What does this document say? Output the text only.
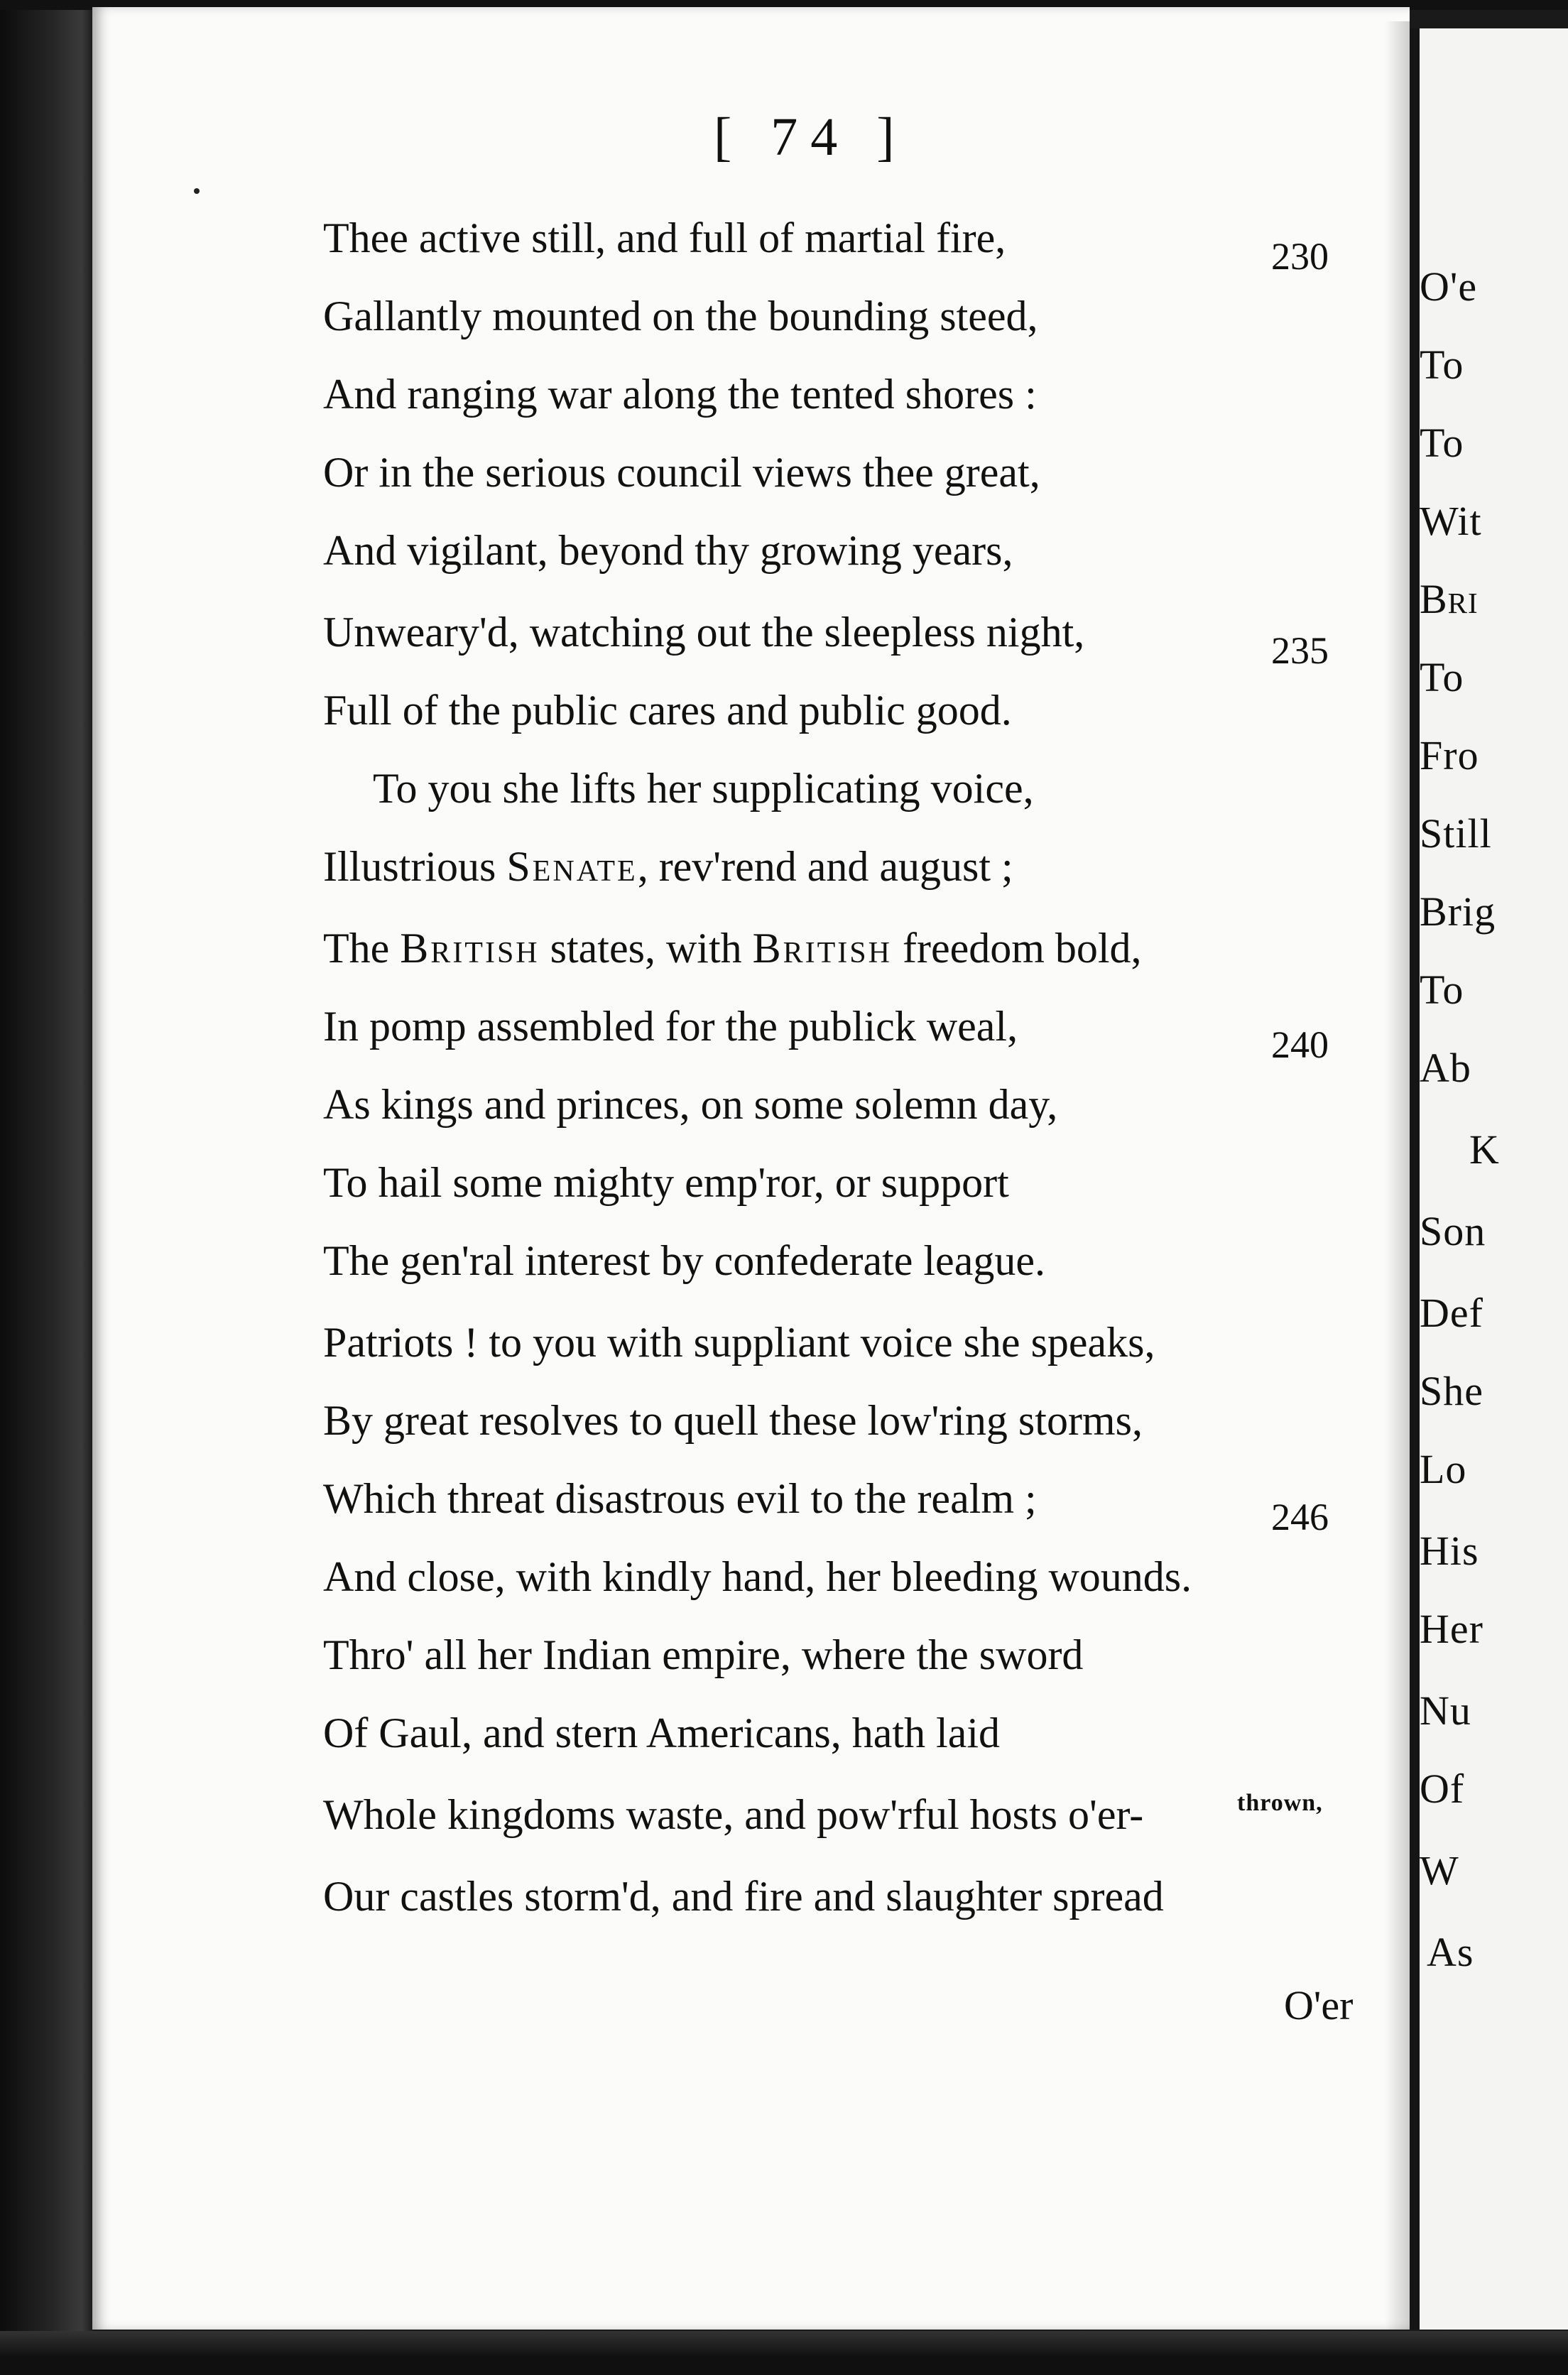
O'e
To
To
Wit
Bri
To
Fro
Still
Brig
To
Ab
K
Son
Def
She
Lo
His
Her
Nu
Of
W
As
[ 74 ]
Thee active still, and full of martial fire,
Gallantly mounted on the bounding steed,
And ranging war along the tented shores :
Or in the serious council views thee great,
And vigilant, beyond thy growing years,
Unweary'd, watching out the sleepless night,
Full of the public cares and public good.
To you she lifts her supplicating voice,
Illustrious Senate, rev'rend and august ;
The British states, with British freedom bold,
In pomp assembled for the publick weal,
As kings and princes, on some solemn day,
To hail some mighty emp'ror, or support
The gen'ral interest by confederate league.
Patriots ! to you with suppliant voice she speaks,
By great resolves to quell these low'ring storms,
Which threat disastrous evil to the realm ;
And close, with kindly hand, her bleeding wounds.
Thro' all her Indian empire, where the sword
Of Gaul, and stern Americans, hath laid
Whole kingdoms waste, and pow'rful hosts o'er-
Our castles storm'd, and fire and slaughter spread
230
235
240
246
thrown,
O'er
